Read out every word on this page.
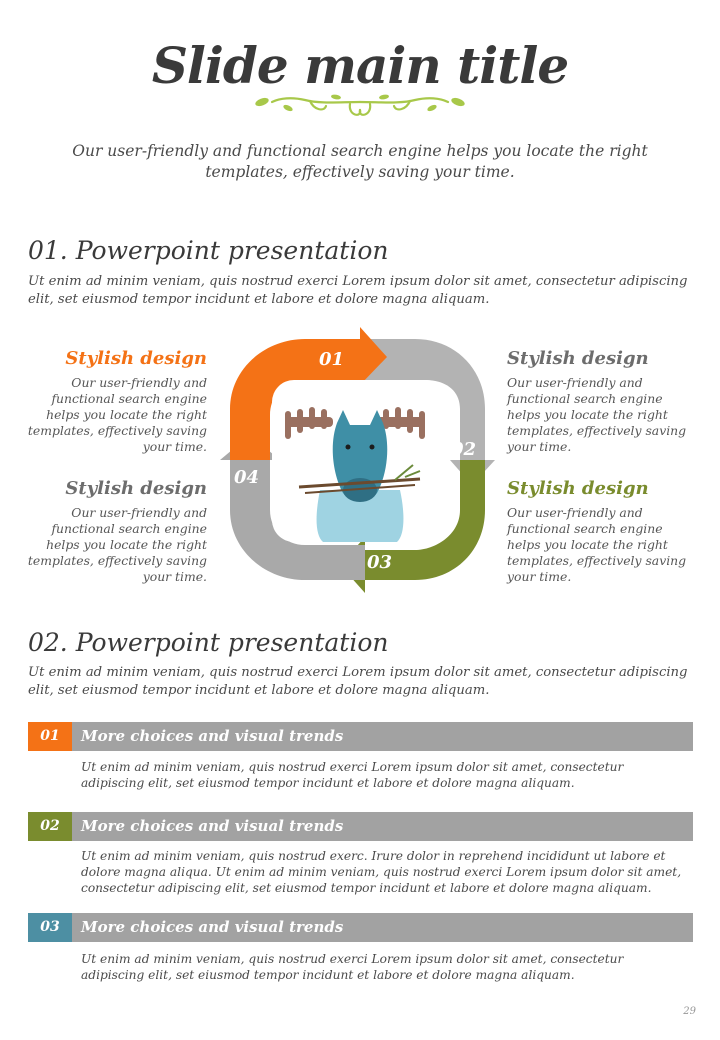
Slide main title
Our user-friendly and functional search engine helps you locate the right templates, effectively saving your time.
01. Powerpoint presentation
Ut enim ad minim veniam, quis nostrud exerci Lorem ipsum dolor sit amet, consectetur adipiscing elit, set eiusmod tempor incidunt et labore et dolore magna aliquam.
Stylish design
Our user-friendly and functional search engine helps you locate the right templates, effectively saving your time.
Stylish design
Our user-friendly and functional search engine helps you locate the right templates, effectively saving your time.
Stylish design
Our user-friendly and functional search engine helps you locate the right templates, effectively saving your time.
Stylish design
Our user-friendly and functional search engine helps you locate the right templates, effectively saving your time.
01
02
03
04
02. Powerpoint presentation
Ut enim ad minim veniam, quis nostrud exerci Lorem ipsum dolor sit amet, consectetur adipiscing elit, set eiusmod tempor incidunt et labore et dolore magna aliquam.
01	More choices and visual trends
Ut enim ad minim veniam, quis nostrud exerci Lorem ipsum dolor sit amet, consectetur adipiscing elit, set eiusmod tempor incidunt et labore et dolore magna aliquam.
02	More choices and visual trends
Ut enim ad minim veniam, quis nostrud exerc. Irure dolor in reprehend incididunt ut labore et dolore magna aliqua. Ut enim ad minim veniam, quis nostrud exerci Lorem ipsum dolor sit amet, consectetur adipiscing elit, set eiusmod tempor incidunt et labore et dolore magna aliquam.
03	More choices and visual trends
Ut enim ad minim veniam, quis nostrud exerci Lorem ipsum dolor sit amet, consectetur adipiscing elit, set eiusmod tempor incidunt et labore et dolore magna aliquam.
29
